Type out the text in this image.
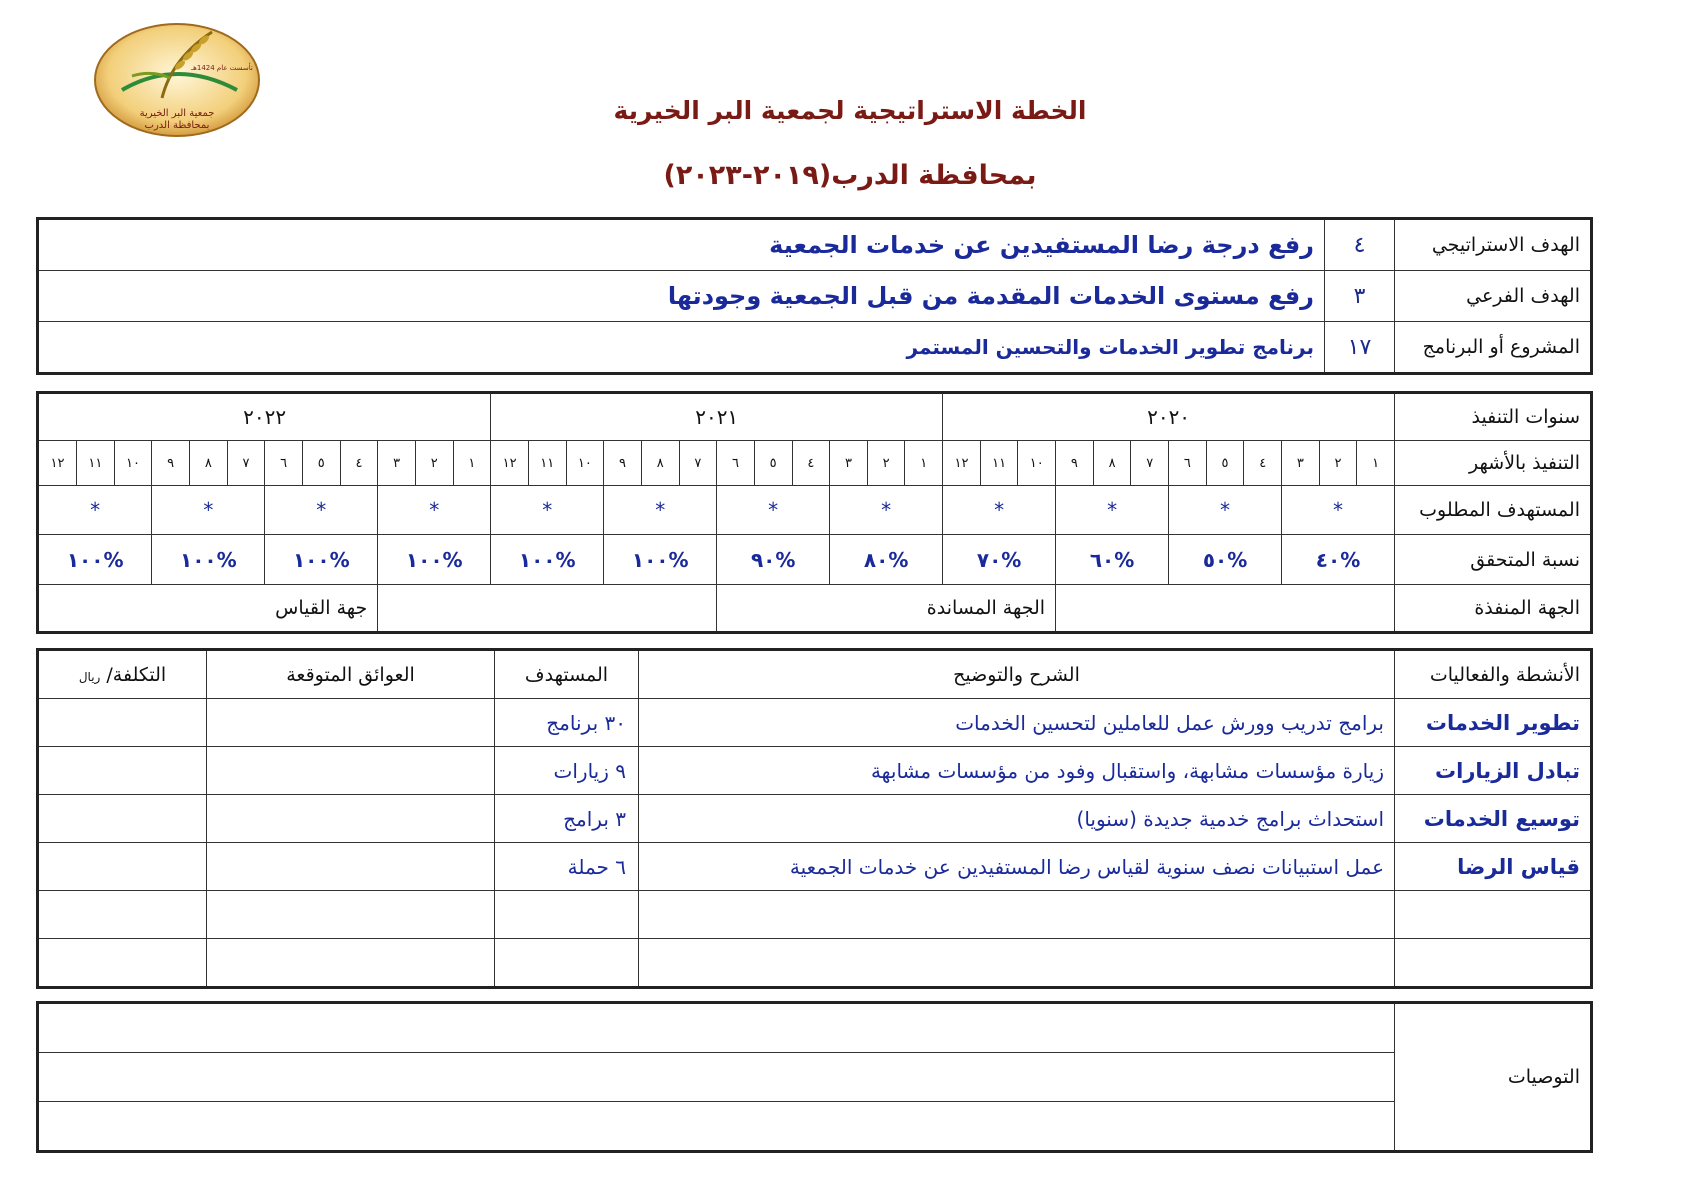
جمعية البر الخيرية
بمحافظة الدرب
تأسست عام 1424هـ
الخطة الاستراتيجية لجمعية البر الخيرية
بمحافظة الدرب(٢٠١٩-٢٠٢٣)
الهدف الاستراتيجي	٤	رفع درجة رضا المستفيدين عن خدمات الجمعية
الهدف الفرعي	٣	رفع مستوى الخدمات المقدمة من قبل الجمعية وجودتها
المشروع أو البرنامج	١٧	برنامج تطوير الخدمات والتحسين المستمر
سنوات التنفيذ	٢٠٢٠												٢٠٢١												٢٠٢٢											
التنفيذ بالأشهر	١	٢	٣	٤	٥	٦	٧	٨	٩	١٠	١١	١٢	١	٢	٣	٤	٥	٦	٧	٨	٩	١٠	١١	١٢	١	٢	٣	٤	٥	٦	٧	٨	٩	١٠	١١	١٢
المستهدف المطلوب	*			*			*			*			*			*			*			*			*			*			*			*		
نسبة المتحقق	%٤٠			%٥٠			%٦٠			%٧٠			%٨٠			%٩٠			%١٠٠			%١٠٠			%١٠٠			%١٠٠			%١٠٠			%١٠٠		
الجهة المنفذة										الجهة المساندة																		جهة القياس								
الأنشطة والفعاليات	الشرح والتوضيح	المستهدف	العوائق المتوقعة	التكلفة/ ريال
تطوير الخدمات	برامج تدريب وورش عمل للعاملين لتحسين الخدمات	٣٠ برنامج		
تبادل الزيارات	زيارة مؤسسات مشابهة، واستقبال وفود من مؤسسات مشابهة	٩ زيارات		
توسيع الخدمات	استحداث برامج خدمية جديدة (سنويا)	٣ برامج		
قياس الرضا	عمل استبيانات نصف سنوية لقياس رضا المستفيدين عن خدمات الجمعية	٦ حملة		

التوصيات	
